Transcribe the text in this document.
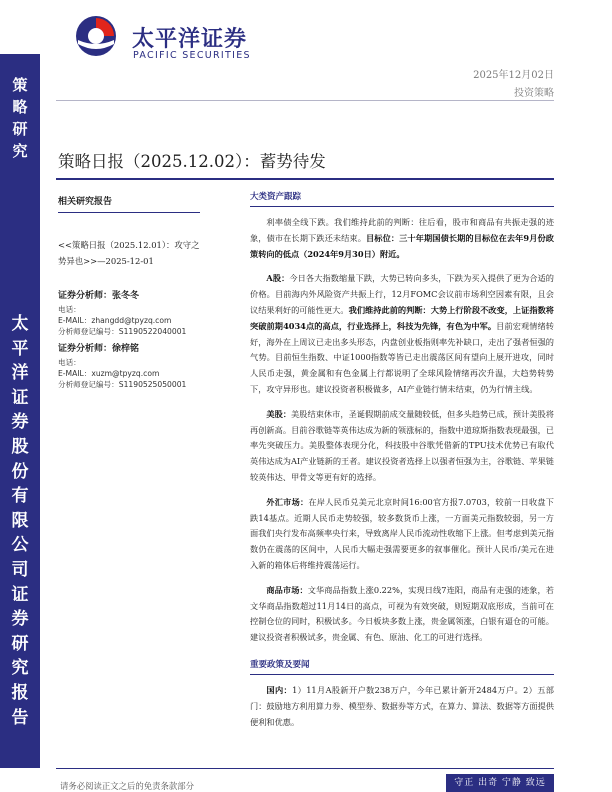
策
略
研
究
太
平
洋
证
券
股
份
有
限
公
司
证
券
研
究
报
告
太平洋证券
PACIFIC SECURITIES
2025年12月02日
投资策略
策略日报（2025.12.02）：蓄势待发
相关研究报告
<<策略日报（2025.12.01）：攻守之势异也>>—2025-12-01
证券分析师：张冬冬
电话：
E-MAIL：zhangdd@tpyzq.com
分析师登记编号：S1190522040001
证券分析师：徐梓铭
电话：
E-MAIL：xuzm@tpyzq.com
分析师登记编号：S1190525050001
大类资产跟踪

利率债全线下跌。我们维持此前的判断：往后看，股市和商品有共振走强的迹象，债市在长期下跌还未结束。目标位：三十年期国债长期的目标位在去年9月份政策转向的低点（2024年9月30日）附近。

A股：今日各大指数缩量下跌，大势已转向多头，下跌为买入提供了更为合适的价格。目前海内外风险资产共振上行，12月FOMC会议前市场利空因素有限，且会议结果利好的可能性更大。我们维持此前的判断：大势上行阶段不改变，上证指数将突破前期4034点的高点，行业选择上，科技为先锋，有色为中军。目前宏观情绪转好，海外在上周议已走出多头形态，内盘创业板指则率先补缺口，走出了强者恒强的气势。目前恒生指数、中证1000指数等皆已走出震荡区间有望向上展开进攻，同时人民币走强，黄金属和有色金属上行都说明了全球风险情绪再次升温，大趋势转势下，攻守异形也。建议投资者积极做多，AI产业链行情未结束，仍为行情主线。

美股：美股结束休市，圣诞假期前成交量随较低，但多头趋势已成，预计美股将再创新高。目前谷歌链等英伟达成为新的领涨标的，指数中道琼斯指数表现最强，已率先突破压力。美股整体表现分化，科技股中谷歌凭借新的TPU技术优势已有取代英伟达成为AI产业链新的王者。建议投资者选择上以强者恒强为主，谷歌链、苹果链较英伟达、甲骨文等更有好的选择。

外汇市场：在岸人民币兑美元北京时间16:00官方报7.0703，较前一日收盘下跌14基点。近期人民币走势较强，较多数货币上涨，一方面美元指数较弱，另一方面我们央行发布高频率央行来，导致离岸人民币流动性收缩下上涨。但考虑到美元指数仍在震荡的区间中，人民币大幅走强需要更多的叙事催化。预计人民币/美元在进入新的箱体后将维持震荡运行。

商品市场：文华商品指数上涨0.22%，实现日线7连阳，商品有走强的迹象，若文华商品指数超过11月14日的高点，可视为有效突破，则短期双底形成，当前可在控制仓位的同时，积极试多。今日板块多数上涨，贵金属领涨，白银有逼仓的可能。建议投资者积极试多，贵金属、有色、原油、化工的可进行选择。

重要政策及要闻

国内：1）11月A股新开户数238万户，今年已累计新开2484万户。2）五部门：鼓励地方利用算力券、模型券、数据券等方式，在算力、算法、数据等方面提供便利和优惠。

请务必阅读正文之后的免责条款部分	守正 出奇 宁静 致远
